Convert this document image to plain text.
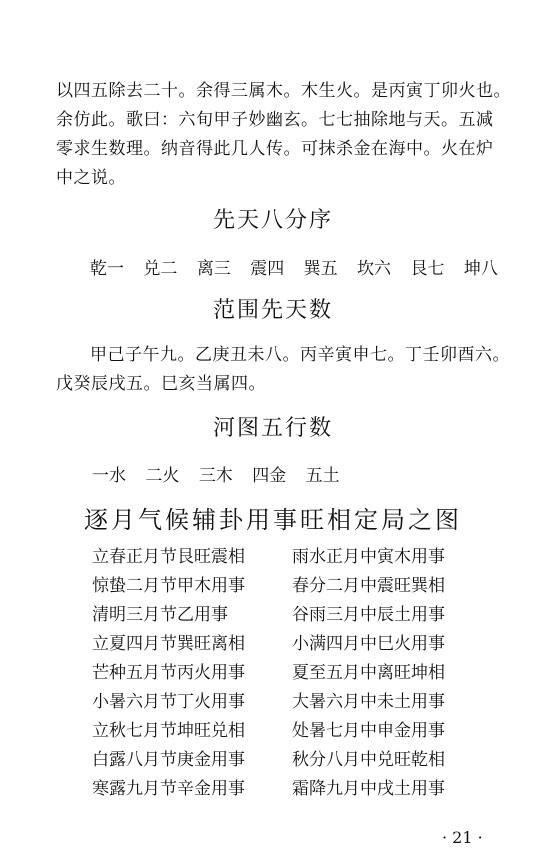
以四五除去二十。余得三属木。木生火。是丙寅丁卯火也。
余仿此。歌曰：六旬甲子妙幽玄。七七抽除地与天。五减
零求生数理。纳音得此几人传。可抹杀金在海中。火在炉
中之说。
先天八分序
乾一 兑二 离三 震四 巽五 坎六 艮七 坤八
范围先天数
甲己子午九。乙庚丑未八。丙辛寅申七。丁壬卯酉六。
戊癸辰戌五。巳亥当属四。
河图五行数
一水 二火 三木 四金 五土
逐月气候辅卦用事旺相定局之图
立春正月节艮旺震相	雨水正月中寅木用事
惊蛰二月节甲木用事	春分二月中震旺巽相
清明三月节乙用事	谷雨三月中辰土用事
立夏四月节巽旺离相	小满四月中巳火用事
芒种五月节丙火用事	夏至五月中离旺坤相
小暑六月节丁火用事	大暑六月中未土用事
立秋七月节坤旺兑相	处暑七月中申金用事
白露八月节庚金用事	秋分八月中兑旺乾相
寒露九月节辛金用事	霜降九月中戌土用事
· 21 ·
